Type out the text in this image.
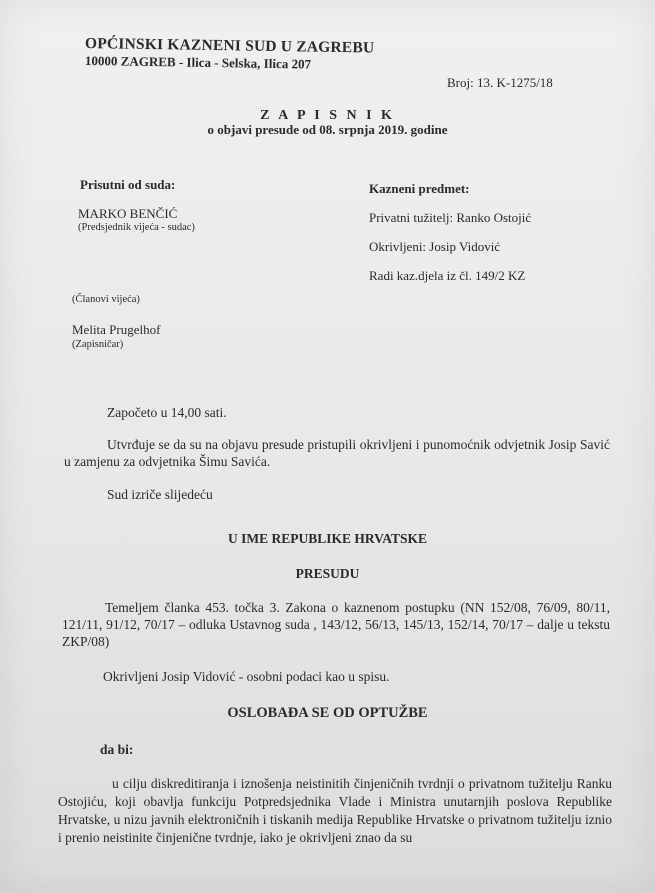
OPĆINSKI KAZNENI SUD U ZAGREBU
10000 ZAGREB - Ilica - Selska, Ilica 207
Broj: 13. K-1275/18
Z A P I S N I K
o objavi presude od 08. srpnja 2019. godine
Prisutni od suda:
MARKO BENČIĆ
(Predsjednik vijeća - sudac)
(Članovi vijeća)
Melita Prugelhof
(Zapisničar)
Kazneni predmet:
Privatni tužitelj: Ranko Ostojić
Okrivljeni: Josip Vidović
Radi kaz.djela iz čl. 149/2 KZ
Započeto u 14,00 sati.
Utvrđuje se da su na objavu presude pristupili okrivljeni i punomoćnik odvjetnik Josip Savić u zamjenu za odvjetnika Šimu Savića.
Sud izriče slijedeću
U IME REPUBLIKE HRVATSKE
PRESUDU
Temeljem članka 453. točka 3. Zakona o kaznenom postupku (NN 152/08, 76/09, 80/11, 121/11, 91/12, 70/17 – odluka Ustavnog suda , 143/12, 56/13, 145/13, 152/14, 70/17 – dalje u tekstu ZKP/08)
Okrivljeni Josip Vidović - osobni podaci kao u spisu.
OSLOBAĐA SE OD OPTUŽBE
da bi:
u cilju diskreditiranja i iznošenja neistinitih činjeničnih tvrdnji o privatnom tužitelju Ranku Ostojiću, koji obavlja funkciju Potpredsjednika Vlade i Ministra unutarnjih poslova Republike Hrvatske, u nizu javnih elektroničnih i tiskanih medija Republike Hrvatske o privatnom tužitelju iznio i prenio neistinite činjenične tvrdnje, iako je okrivljeni znao da su
